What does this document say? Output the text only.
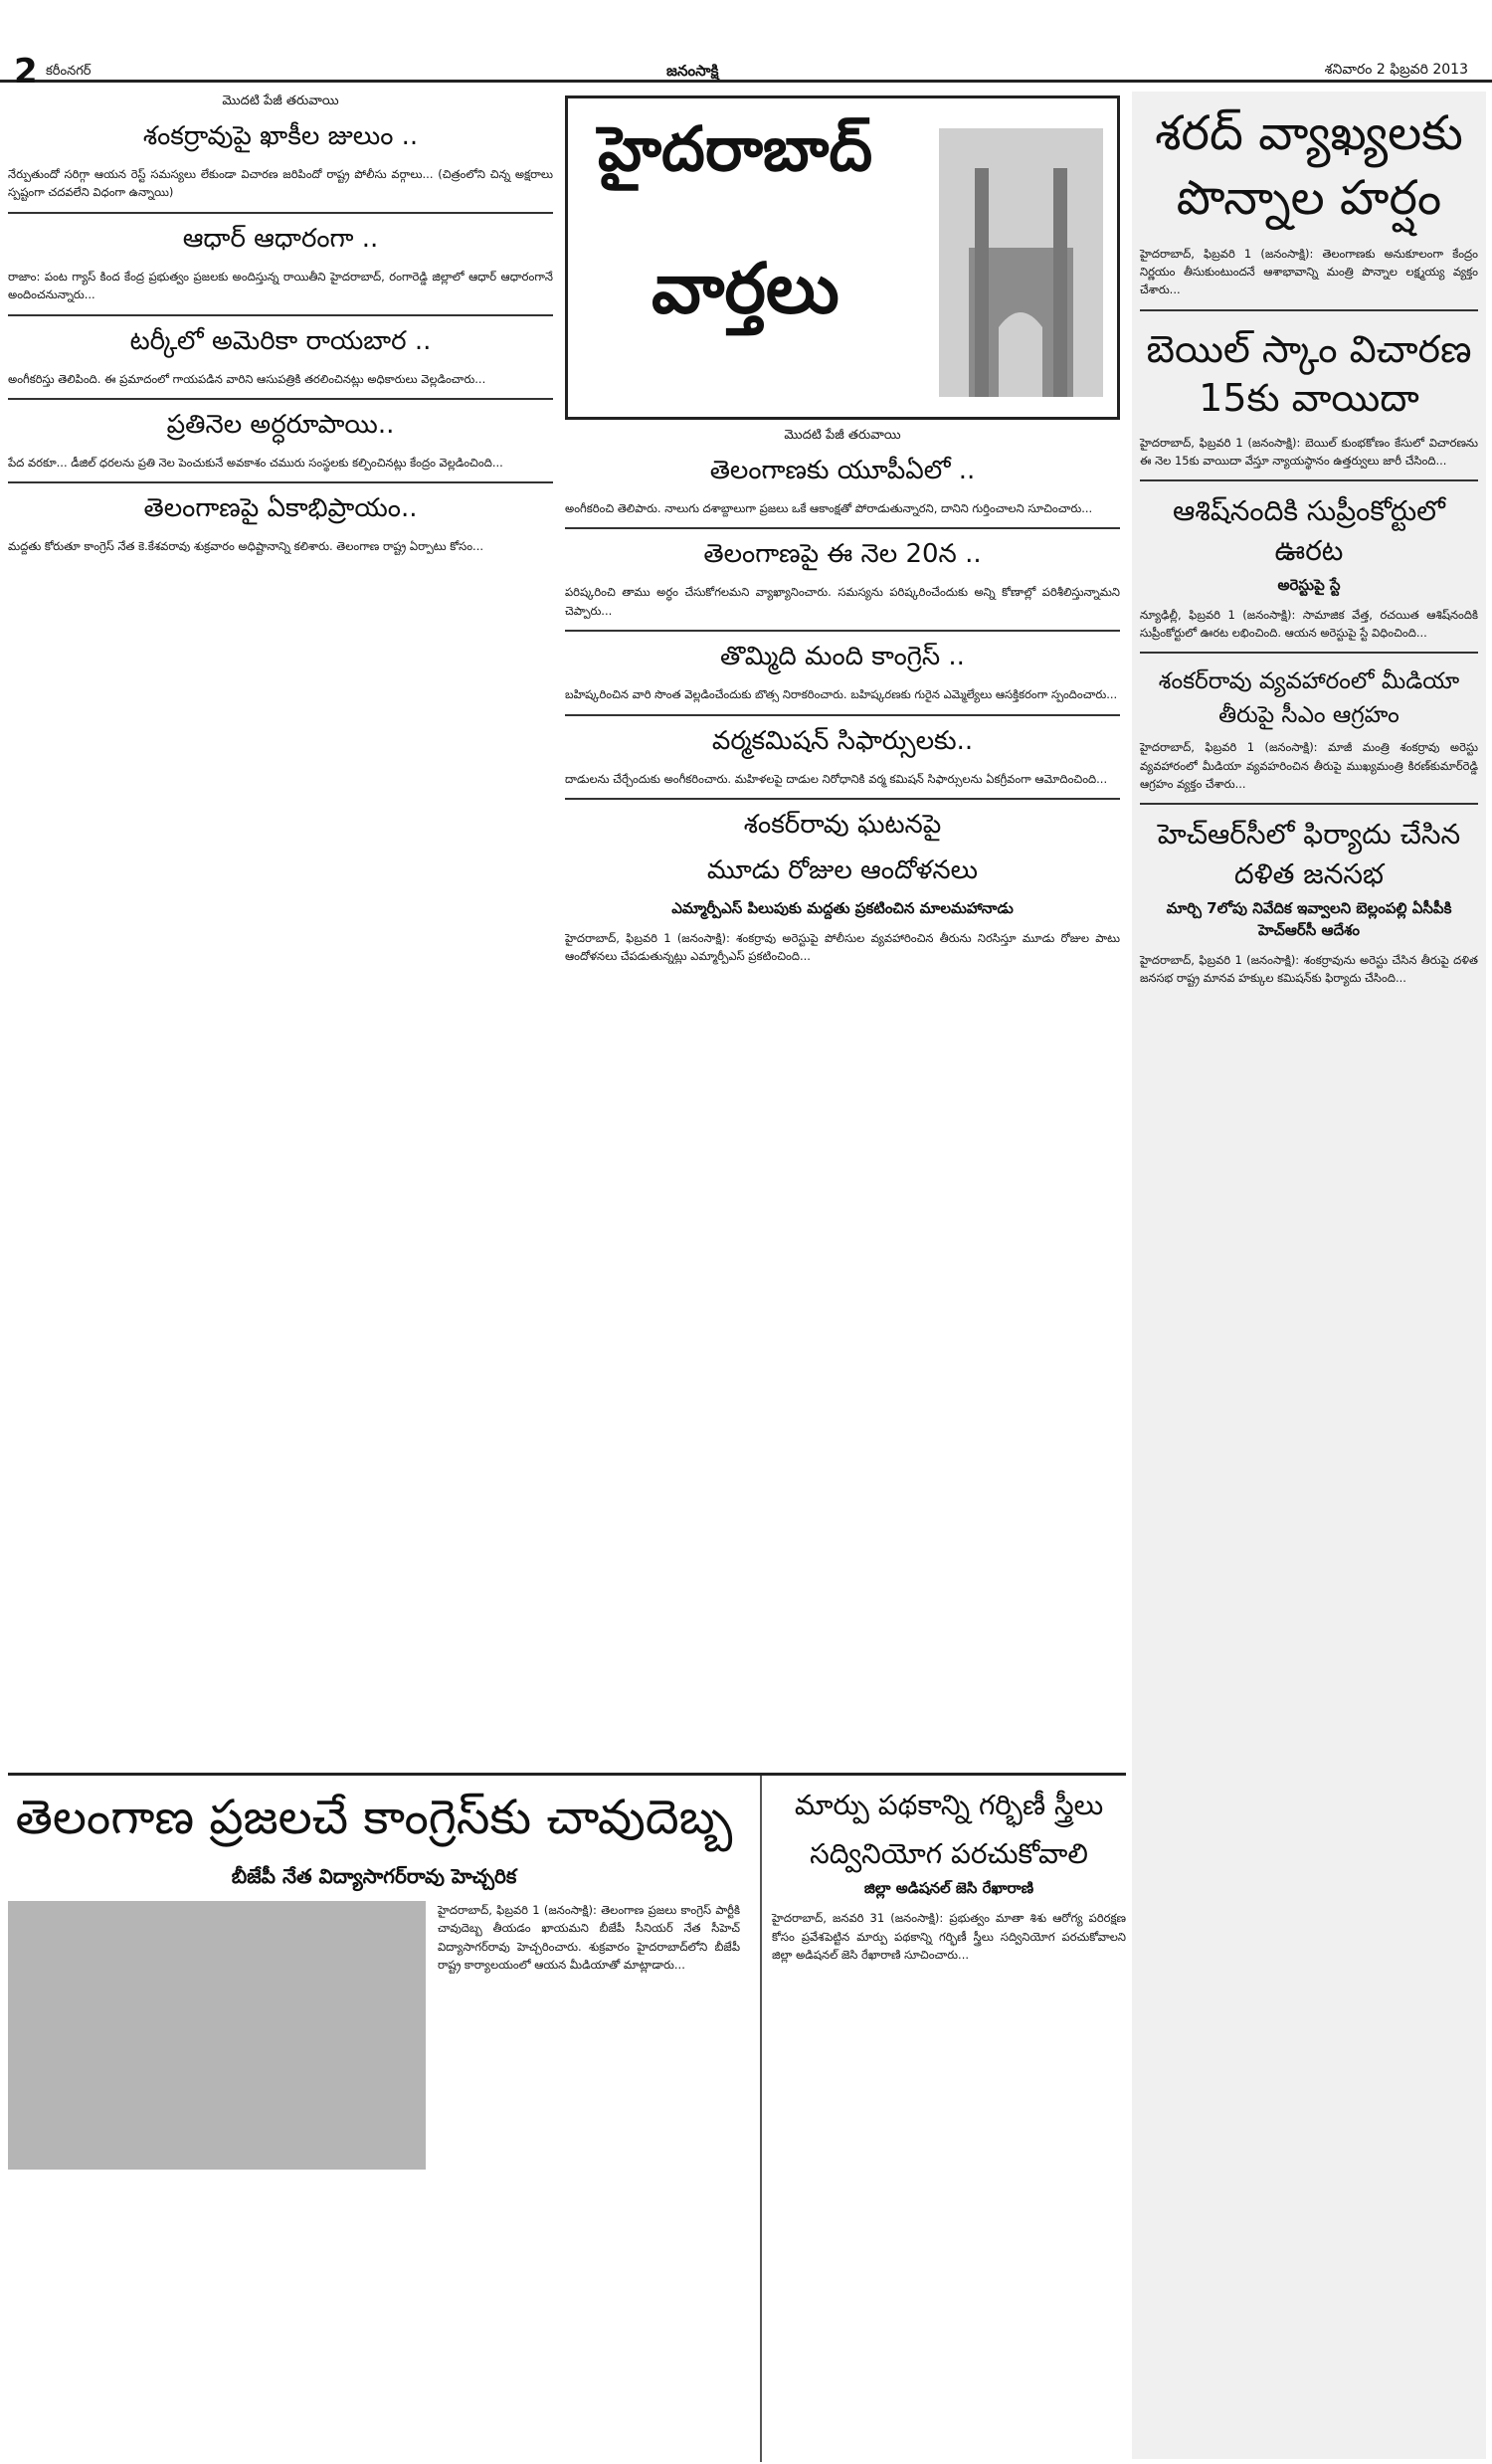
2 కరీంనగర్	జనంసాక్షి	శనివారం 2 ఫిబ్రవరి 2013
మొదటి పేజీ తరువాయి
శంకర్రావుపై ఖాకీల జులుం ..

నేర్పుతుందో సరిగ్గా ఆయన రెస్ట్ సమస్యలు లేకుండా విచారణ జరిపిందో రాష్ట్ర పోలీసు వర్గాలు... (చిత్రంలోని చిన్న అక్షరాలు స్పష్టంగా చదవలేని విధంగా ఉన్నాయి)

ఆధార్ ఆధారంగా ..

రాజాం: పంట గ్యాస్ కింద కేంద్ర ప్రభుత్వం ప్రజలకు అందిస్తున్న రాయితీని హైదరాబాద్, రంగారెడ్డి జిల్లాలో ఆధార్ ఆధారంగానే అందించనున్నారు...

టర్కీలో అమెరికా రాయబార ..

అంగీకరిస్తు తెలిపింది. ఈ ప్రమాదంలో గాయపడిన వారిని ఆసుపత్రికి తరలించినట్లు అధికారులు వెల్లడించారు...

ప్రతినెల అర్ధరూపాయి..

పేద వరకూ... డీజిల్ ధరలను ప్రతి నెల పెంచుకునే అవకాశం చమురు సంస్థలకు కల్పించినట్లు కేంద్రం వెల్లడించింది...

తెలంగాణపై ఏకాభిప్రాయం..

మద్దతు కోరుతూ కాంగ్రెస్ నేత కె.కేశవరావు శుక్రవారం అధిష్టానాన్ని కలిశారు. తెలంగాణ రాష్ట్ర ఏర్పాటు కోసం...

హైదరాబాద్
వార్తలు
మొదటి పేజీ తరువాయి
తెలంగాణకు యూపీఏలో ..

అంగీకరించి తెలిపారు. నాలుగు దశాబ్దాలుగా ప్రజలు ఒకే ఆకాంక్షతో పోరాడుతున్నారని, దానిని గుర్తించాలని సూచించారు...

తెలంగాణపై ఈ నెల 20న ..

పరిష్కరించి తాము అర్ధం చేసుకోగలమని వ్యాఖ్యానించారు. సమస్యను పరిష్కరించేందుకు అన్ని కోణాల్లో పరిశీలిస్తున్నామని చెప్పారు...

తొమ్మిది మంది కాంగ్రెస్ ..

బహిష్కరించిన వారి సొంత వెల్లడించేందుకు బొత్స నిరాకరించారు. బహిష్కరణకు గురైన ఎమ్మెల్యేలు ఆసక్తికరంగా స్పందించారు...

వర్మకమిషన్ సిఫార్సులకు..

దాడులను చేర్చేందుకు అంగీకరించారు. మహిళలపై దాడుల నిరోధానికి వర్మ కమిషన్ సిఫార్సులను ఏకగ్రీవంగా ఆమోదించింది...

శంకర్‌రావు ఘటనపై
మూడు రోజుల ఆందోళనలు
ఎమ్మార్పీఎస్ పిలుపుకు మద్దతు ప్రకటించిన మాలమహానాడు

హైదరాబాద్, ఫిబ్రవరి 1 (జనంసాక్షి): శంకర్రావు అరెస్టుపై పోలీసుల వ్యవహారించిన తీరును నిరసిస్తూ మూడు రోజుల పాటు ఆందోళనలు చేపడుతున్నట్లు ఎమ్మార్పీఎస్ ప్రకటించింది...

శరద్ వ్యాఖ్యలకు పొన్నాల హర్షం

హైదరాబాద్, ఫిబ్రవరి 1 (జనంసాక్షి): తెలంగాణకు అనుకూలంగా కేంద్రం నిర్ణయం తీసుకుంటుందనే ఆశాభావాన్ని మంత్రి పొన్నాల లక్ష్మయ్య వ్యక్తం చేశారు...

బెయిల్ స్కాం విచారణ 15కు వాయిదా

హైదరాబాద్, ఫిబ్రవరి 1 (జనంసాక్షి): బెయిల్ కుంభకోణం కేసులో విచారణను ఈ నెల 15కు వాయిదా వేస్తూ న్యాయస్థానం ఉత్తర్వులు జారీ చేసింది...

ఆశిష్‌నందికి సుప్రీంకోర్టులో ఊరట
అరెస్టుపై స్టే

న్యూఢిల్లీ, ఫిబ్రవరి 1 (జనంసాక్షి): సామాజిక వేత్త, రచయిత ఆశిష్‌నందికి సుప్రీంకోర్టులో ఊరట లభించింది. ఆయన అరెస్టుపై స్టే విధించింది...

శంకర్‌రావు వ్యవహారంలో మీడియా తీరుపై సీఎం ఆగ్రహం

హైదరాబాద్, ఫిబ్రవరి 1 (జనంసాక్షి): మాజీ మంత్రి శంకర్రావు అరెస్టు వ్యవహారంలో మీడియా వ్యవహరించిన తీరుపై ముఖ్యమంత్రి కిరణ్‌కుమార్‌రెడ్డి ఆగ్రహం వ్యక్తం చేశారు...

హెచ్‌ఆర్‌సీలో ఫిర్యాదు చేసిన దళిత జనసభ
మార్చి 7లోపు నివేదిక ఇవ్వాలని బెల్లంపల్లి ఏసీపీకి హెచ్‌ఆర్‌సీ ఆదేశం

హైదరాబాద్, ఫిబ్రవరి 1 (జనంసాక్షి): శంకర్రావును అరెస్టు చేసిన తీరుపై దళిత జనసభ రాష్ట్ర మానవ హక్కుల కమిషన్‌కు ఫిర్యాదు చేసింది...

తెలంగాణ ప్రజలచే కాంగ్రెస్‌కు చావుదెబ్బ
బీజేపీ నేత విద్యాసాగర్‌రావు హెచ్చరిక

హైదరాబాద్, ఫిబ్రవరి 1 (జనంసాక్షి): తెలంగాణ ప్రజలు కాంగ్రెస్ పార్టీకి చావుదెబ్బ తీయడం ఖాయమని బీజేపీ సీనియర్ నేత సీహెచ్ విద్యాసాగర్‌రావు హెచ్చరించారు. శుక్రవారం హైదరాబాద్‌లోని బీజేపీ రాష్ట్ర కార్యాలయంలో ఆయన మీడియాతో మాట్లాడారు...

మార్పు పథకాన్ని గర్భిణీ స్త్రీలు
సద్వినియోగ పరచుకోవాలి
జిల్లా అడిషనల్ జెసి రేఖారాణి

హైదరాబాద్, జనవరి 31 (జనంసాక్షి): ప్రభుత్వం మాతా శిశు ఆరోగ్య పరిరక్షణ కోసం ప్రవేశపెట్టిన మార్పు పథకాన్ని గర్భిణీ స్త్రీలు సద్వినియోగ పరచుకోవాలని జిల్లా అడిషనల్ జెసి రేఖారాణి సూచించారు...
